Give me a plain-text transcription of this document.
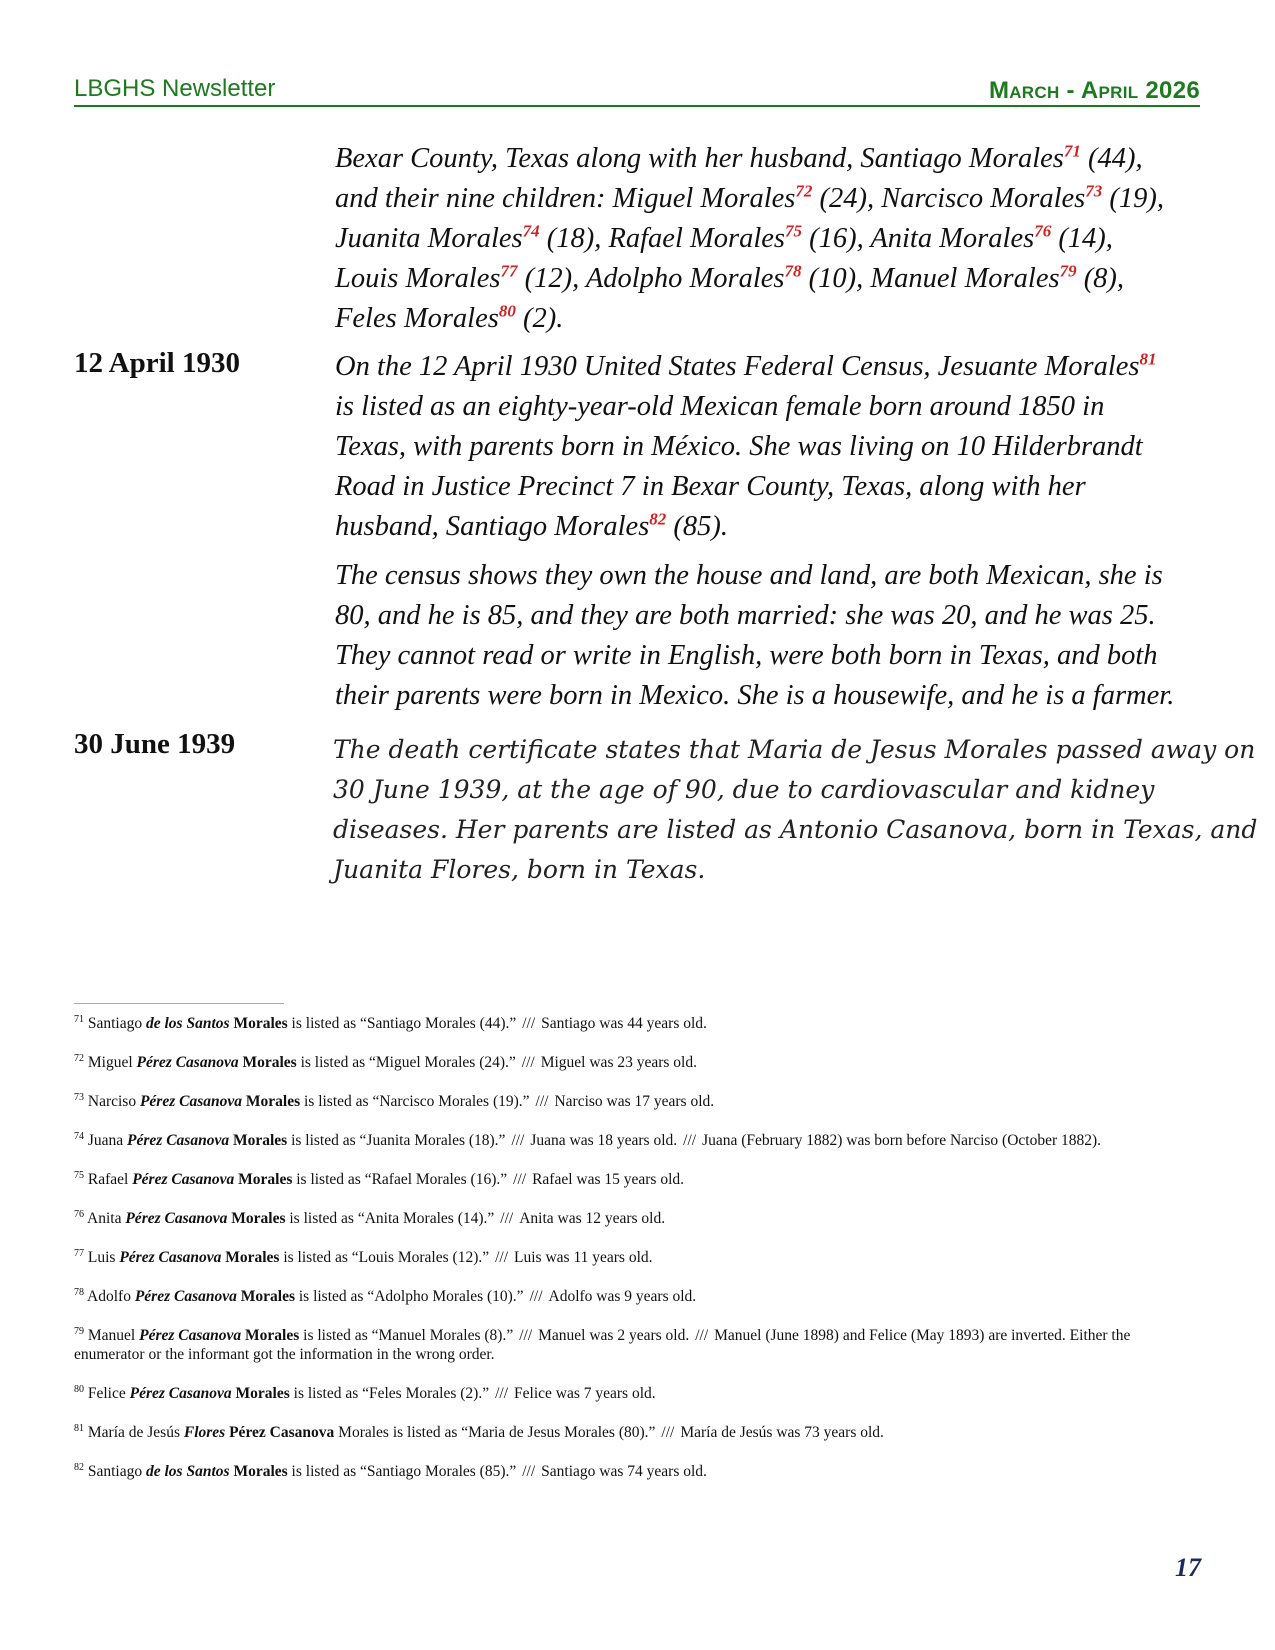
LBGHS Newsletter	March - April 2026
Bexar County, Texas along with her husband, Santiago Morales$^{71}$ (44),
and their nine children: Miguel Morales$^{72}$ (24), Narcisco Morales$^{73}$ (19),
Juanita Morales$^{74}$ (18), Rafael Morales$^{75}$ (16), Anita Morales$^{76}$ (14),
Louis Morales$^{77}$ (12), Adolpho Morales$^{78}$ (10), Manuel Morales$^{79}$ (8),
Feles Morales$^{80}$ (2).

12 April 1930	On the 12 April 1930 United States Federal Census, Jesuante Morales$^{81}$
is listed as an eighty-year-old Mexican female born around 1850 in
Texas, with parents born in México. She was living on 10 Hilderbrandt
Road in Justice Precinct 7 in Bexar County, Texas, along with her
husband, Santiago Morales$^{82}$ (85).
The census shows they own the house and land, are both Mexican, she is
80, and he is 85, and they are both married: she was 20, and he was 25.
They cannot read or write in English, were both born in Texas, and both
their parents were born in Mexico. She is a housewife, and he is a farmer.

30 June 1939	The death certificate states that Maria de Jesus Morales passed away on
30 June 1939, at the age of 90, due to cardiovascular and kidney
diseases. Her parents are listed as Antonio Casanova, born in Texas, and
Juanita Flores, born in Texas.

$^{71}$ Santiago de los Santos Morales is listed as “Santiago Morales (44).” /// Santiago was 44 years old.

$^{72}$ Miguel Pérez Casanova Morales is listed as “Miguel Morales (24).” /// Miguel was 23 years old.

$^{73}$ Narciso Pérez Casanova Morales is listed as “Narcisco Morales (19).” /// Narciso was 17 years old.

$^{74}$ Juana Pérez Casanova Morales is listed as “Juanita Morales (18).” /// Juana was 18 years old. /// Juana (February 1882) was born before Narciso (October 1882).

$^{75}$ Rafael Pérez Casanova Morales is listed as “Rafael Morales (16).” /// Rafael was 15 years old.

$^{76}$ Anita Pérez Casanova Morales is listed as “Anita Morales (14).” /// Anita was 12 years old.

$^{77}$ Luis Pérez Casanova Morales is listed as “Louis Morales (12).” /// Luis was 11 years old.

$^{78}$ Adolfo Pérez Casanova Morales is listed as “Adolpho Morales (10).” /// Adolfo was 9 years old.

$^{79}$ Manuel Pérez Casanova Morales is listed as “Manuel Morales (8).” /// Manuel was 2 years old. /// Manuel (June 1898) and Felice (May 1893) are inverted. Either the enumerator or the informant got the information in the wrong order.

$^{80}$ Felice Pérez Casanova Morales is listed as “Feles Morales (2).” /// Felice was 7 years old.

$^{81}$ María de Jesús Flores Pérez Casanova Morales is listed as “Maria de Jesus Morales (80).” /// María de Jesús was 73 years old.

$^{82}$ Santiago de los Santos Morales is listed as “Santiago Morales (85).” /// Santiago was 74 years old.

17
